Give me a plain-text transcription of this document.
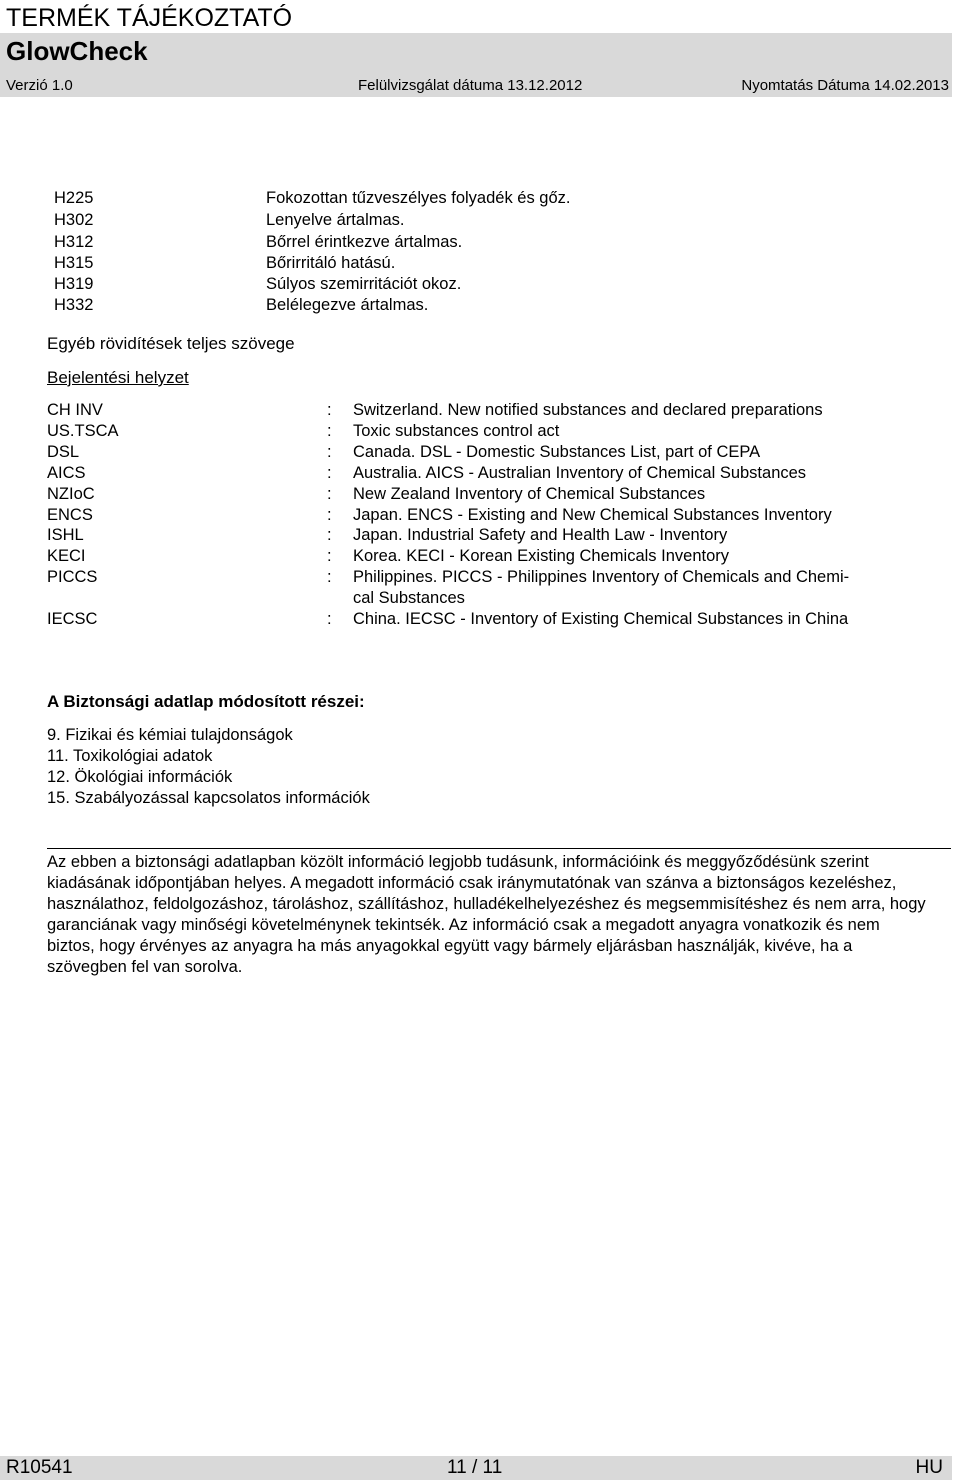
TERMÉK TÁJÉKOZTATÓ
GlowCheck
Verzió 1.0	Felülvizsgálat dátuma 13.12.2012	Nyomtatás Dátuma 14.02.2013
H225	Fokozottan tűzveszélyes folyadék és gőz.
H302	Lenyelve ártalmas.
H312	Bőrrel érintkezve ártalmas.
H315	Bőrirritáló hatású.
H319	Súlyos szemirritációt okoz.
H332	Belélegezve ártalmas.
Egyéb rövidítések teljes szövege
Bejelentési helyzet
CH INV	: Switzerland. New notified substances and declared preparations
US.TSCA	: Toxic substances control act
DSL	: Canada. DSL - Domestic Substances List, part of CEPA
AICS	: Australia. AICS - Australian Inventory of Chemical Substances
NZIoC	: New Zealand Inventory of Chemical Substances
ENCS	: Japan. ENCS - Existing and New Chemical Substances Inventory
ISHL	: Japan. Industrial Safety and Health Law - Inventory
KECI	: Korea. KECI - Korean Existing Chemicals Inventory
PICCS	: Philippines. PICCS - Philippines Inventory of Chemicals and Chemi-
cal Substances
IECSC	: China. IECSC - Inventory of Existing Chemical Substances in China
A Biztonsági adatlap módosított részei:
9. Fizikai és kémiai tulajdonságok
11. Toxikológiai adatok
12. Ökológiai információk
15. Szabályozással kapcsolatos információk
Az ebben a biztonsági adatlapban közölt információ legjobb tudásunk, információink és meggyőződésünk szerint kiadásának időpontjában helyes. A megadott információ csak iránymutatónak van szánva a biztonságos kezeléshez, használathoz, feldolgozáshoz, tároláshoz, szállításhoz, hulladékelhelyezéshez és megsemmisítéshez és nem arra, hogy garanciának vagy minőségi követelménynek tekintsék. Az információ csak a megadott anyagra vonatkozik és nem biztos, hogy érvényes az anyagra ha más anyagokkal együtt vagy bármely eljárásban használják, kivéve, ha a szövegben fel van sorolva.
R10541	11 / 11	HU
